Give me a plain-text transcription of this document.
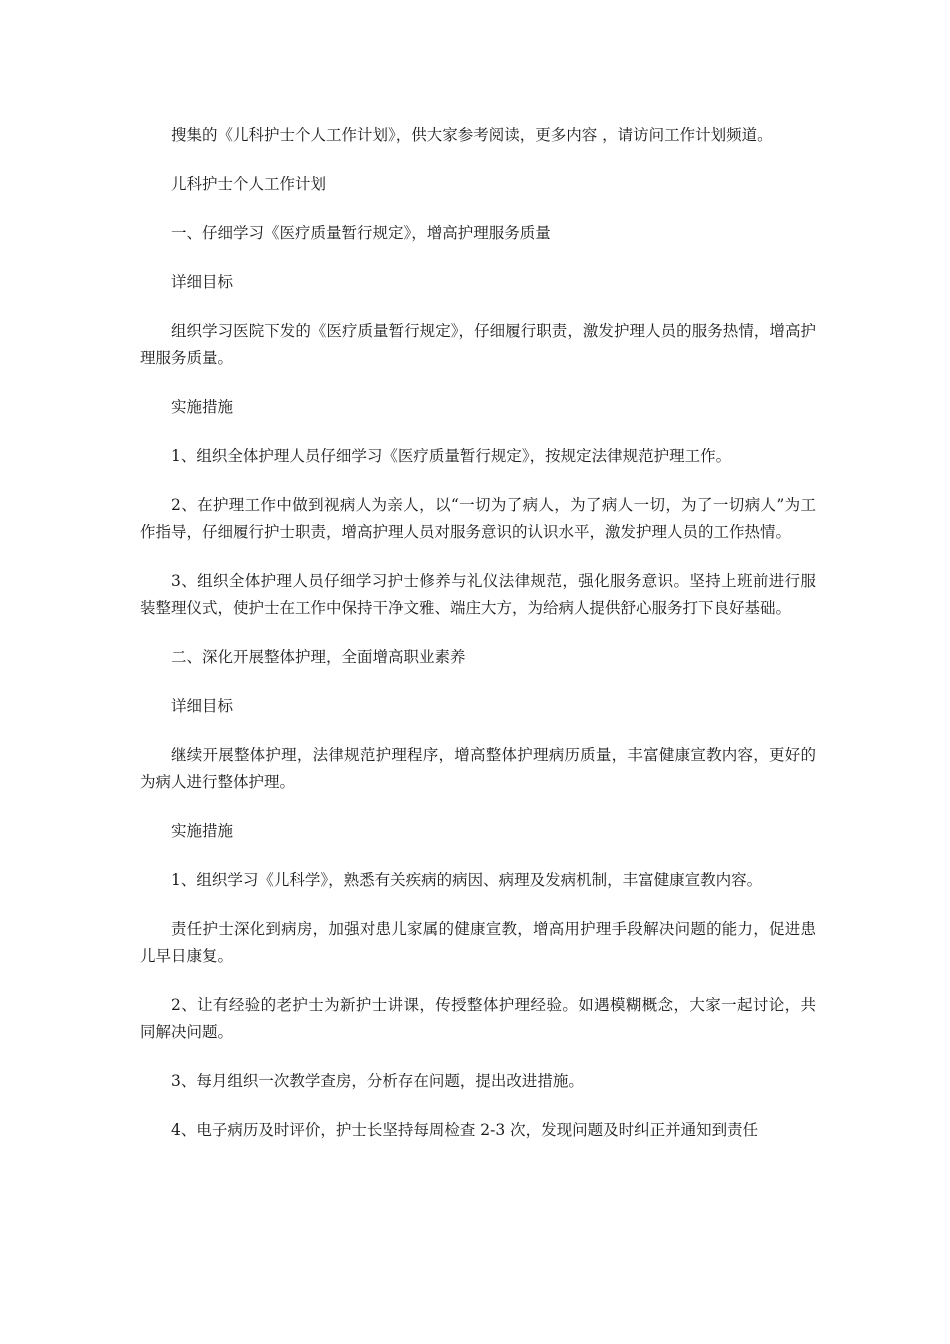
搜集的《儿科护士个人工作计划》，供大家参考阅读，更多内容 ，请访问工作计划频道。

儿科护士个人工作计划

一、仔细学习《医疗质量暂行规定》，增高护理服务质量

详细目标

组织学习医院下发的《医疗质量暂行规定》，仔细履行职责，激发护理人员的服务热情，增高护理服务质量。

实施措施

1、组织全体护理人员仔细学习《医疗质量暂行规定》，按规定法律规范护理工作。

2、在护理工作中做到视病人为亲人，以“一切为了病人，为了病人一切，为了一切病人”为工作指导，仔细履行护士职责，增高护理人员对服务意识的认识水平，激发护理人员的工作热情。

3、组织全体护理人员仔细学习护士修养与礼仪法律规范，强化服务意识。坚持上班前进行服装整理仪式，使护士在工作中保持干净文雅、端庄大方，为给病人提供舒心服务打下良好基础。

二、深化开展整体护理，全面增高职业素养

详细目标

继续开展整体护理，法律规范护理程序，增高整体护理病历质量，丰富健康宣教内容，更好的为病人进行整体护理。

实施措施

1、组织学习《儿科学》，熟悉有关疾病的病因、病理及发病机制，丰富健康宣教内容。

责任护士深化到病房，加强对患儿家属的健康宣教，增高用护理手段解决问题的能力，促进患儿早日康复。

2、让有经验的老护士为新护士讲课，传授整体护理经验。如遇模糊概念，大家一起讨论，共同解决问题。

3、每月组织一次教学查房，分析存在问题，提出改进措施。

4、电子病历及时评价，护士长坚持每周检查 2-3 次，发现问题及时纠正并通知到责任
